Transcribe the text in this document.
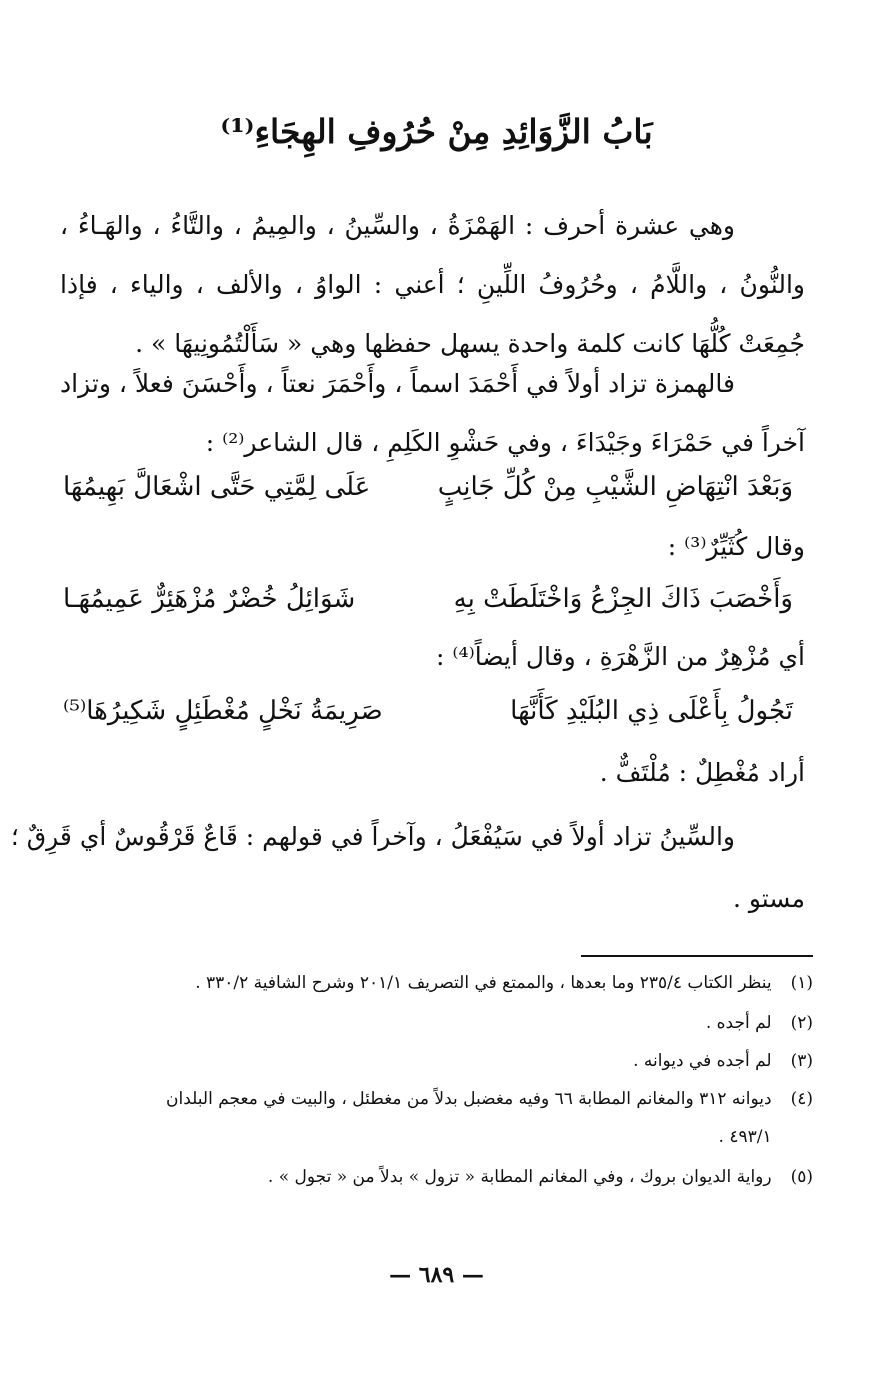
بَابُ الزَّوَائِدِ مِنْ حُرُوفِ الهِجَاءِ⁽¹⁾
وهي عشرة أحرف : الهَمْزَةُ ، والسِّينُ ، والمِيمُ ، والتَّاءُ ، والهَـاءُ ، والنُّونُ ، واللَّامُ ، وحُرُوفُ اللِّينِ ؛ أعني : الواوُ ، والألف ، والياء ، فإذا جُمِعَتْ كُلُّهَا كانت كلمة واحدة يسهل حفظها وهي « سَأَلْتُمُونِيهَا » .
فالهمزة تزاد أولاً في أَحْمَدَ اسماً ، وأَحْمَرَ نعتاً ، وأَحْسَنَ فعلاً ، وتزاد آخراً في حَمْرَاءَ وجَيْدَاءَ ، وفي حَشْوِ الكَلِمِ ، قال الشاعر⁽²⁾ :
وَبَعْدَ انْتِهَاضِ الشَّيْبِ مِنْ كُلِّ جَانِبٍ
عَلَى لِمَّتِي حَتَّى اشْعَالَّ بَهِيمُهَا
وقال كُثَيِّرٌ⁽³⁾ :
وَأَخْصَبَ ذَاكَ الجِزْعُ وَاخْتَلَطَتْ بِهِ
شَوَائِلُ خُضْرٌ مُزْهَئِرٌّ عَمِيمُهَـا
أي مُزْهِرٌ من الزَّهْرَةِ ، وقال أيضاً⁽⁴⁾ :
تَجُولُ بِأَعْلَى ذِي البُلَيْدِ كَأَنَّهَا
صَرِيمَةُ نَخْلٍ مُغْطَئِلٍ شَكِيرُهَا⁽⁵⁾
أراد مُغْطِلٌ : مُلْتَفٌّ .
والسِّينُ تزاد أولاً في سَيُفْعَلُ ، وآخراً في قولهم : قَاعٌ قَرْقُوسٌ أي قَرِقٌ ؛
مستو .
(١) ينظر الكتاب ٢٣٥/٤ وما بعدها ، والممتع في التصريف ٢٠١/١ وشرح الشافية ٣٣٠/٢ .
(٢) لم أجده .
(٣) لم أجده في ديوانه .
(٤) ديوانه ٣١٢ والمغانم المطابة ٦٦ وفيه مغضبل بدلاً من مغطئل ، والبيت في معجم البلدان
٤٩٣/١ .
(٥) رواية الديوان بروك ، وفي المغانم المطابة « تزول » بدلاً من « تجول » .
— ٦٨٩ —
